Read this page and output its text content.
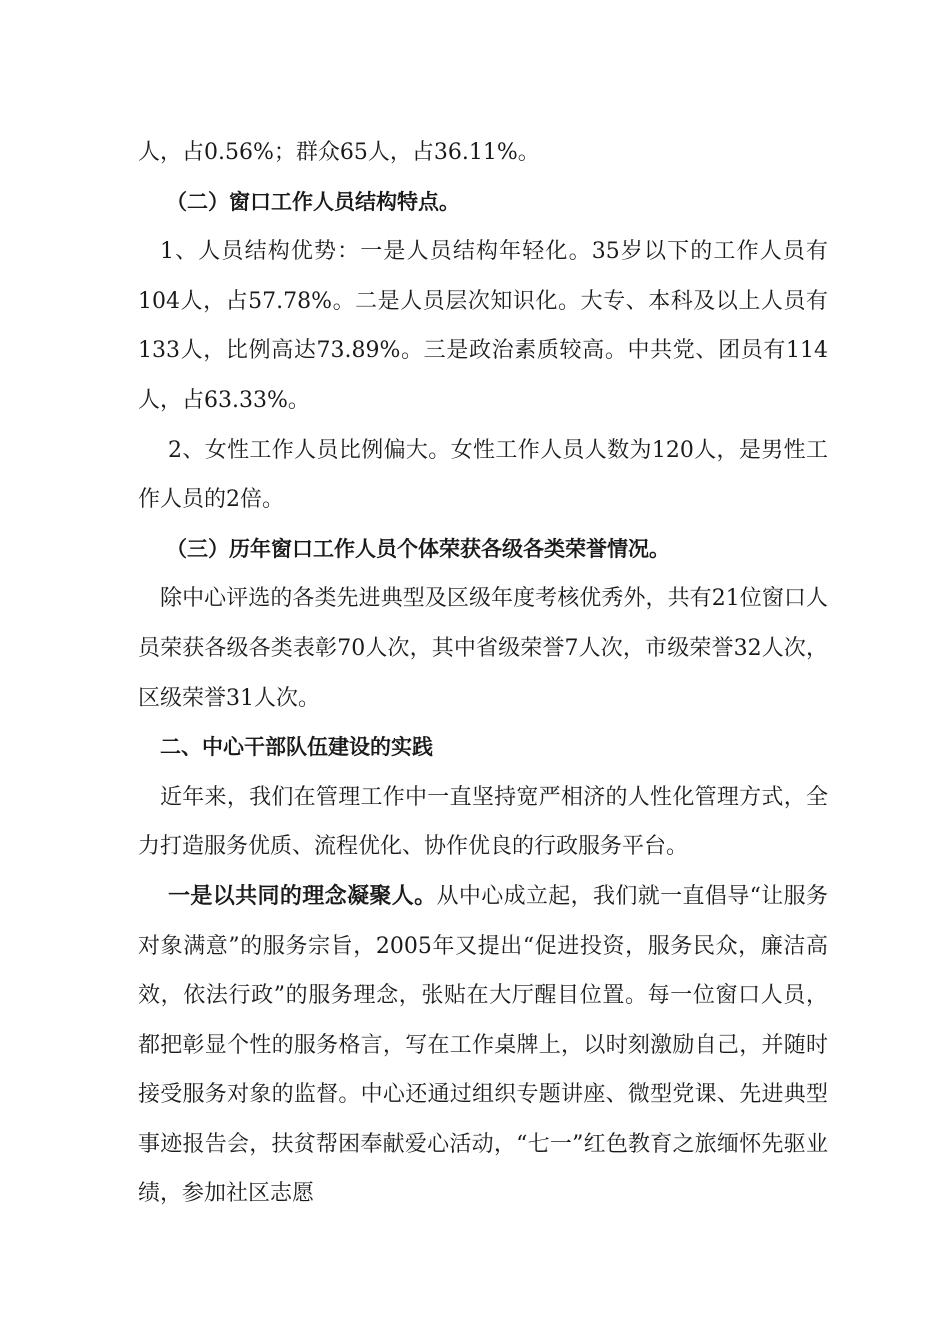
人，占0.56%；群众65人，占36.11%。

（二）窗口工作人员结构特点。

1、人员结构优势：一是人员结构年轻化。35岁以下的工作人员有104人，占57.78%。二是人员层次知识化。大专、本科及以上人员有133人，比例高达73.89%。三是政治素质较高。中共党、团员有114人，占63.33%。

2、女性工作人员比例偏大。女性工作人员人数为120人，是男性工作人员的2倍。

（三）历年窗口工作人员个体荣获各级各类荣誉情况。

除中心评选的各类先进典型及区级年度考核优秀外，共有21位窗口人员荣获各级各类表彰70人次，其中省级荣誉7人次，市级荣誉32人次，区级荣誉31人次。

二、中心干部队伍建设的实践

近年来，我们在管理工作中一直坚持宽严相济的人性化管理方式，全力打造服务优质、流程优化、协作优良的行政服务平台。

一是以共同的理念凝聚人。从中心成立起，我们就一直倡导“让服务对象满意”的服务宗旨，2005年又提出“促进投资，服务民众，廉洁高效，依法行政”的服务理念，张贴在大厅醒目位置。每一位窗口人员，都把彰显个性的服务格言，写在工作桌牌上，以时刻激励自己，并随时接受服务对象的监督。中心还通过组织专题讲座、微型党课、先进典型事迹报告会，扶贫帮困奉献爱心活动，“七一”红色教育之旅缅怀先驱业绩，参加社区志愿
